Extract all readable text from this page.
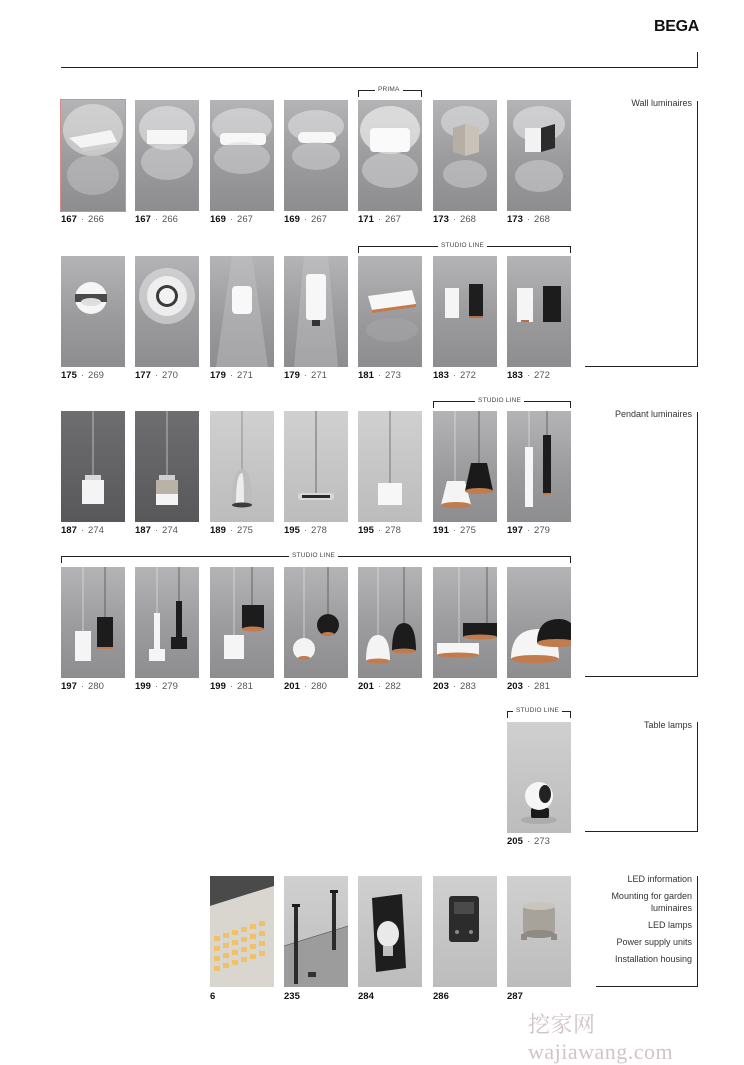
BEGA
Wall luminaires
Pendant luminaires
Table lamps
PRIMA
STUDIO LINE
STUDIO LINE
STUDIO LINE
STUDIO LINE
167 · 266	167 · 266	169 · 267	169 · 267	171 · 267	173 · 268	173 · 268
175 · 269	177 · 270	179 · 271	179 · 271	181 · 273	183 · 272	183 · 272
187 · 274	187 · 274	189 · 275	195 · 278	195 · 278	191 · 275	197 · 279
197 · 280	199 · 279	199 · 281	201 · 280	201 · 282	203 · 283	203 · 281
205 · 273
6	235	284	286	287
LED information
Mounting for garden luminaires
LED lamps
Power supply units
Installation housing
挖家网 wajiawang.com
